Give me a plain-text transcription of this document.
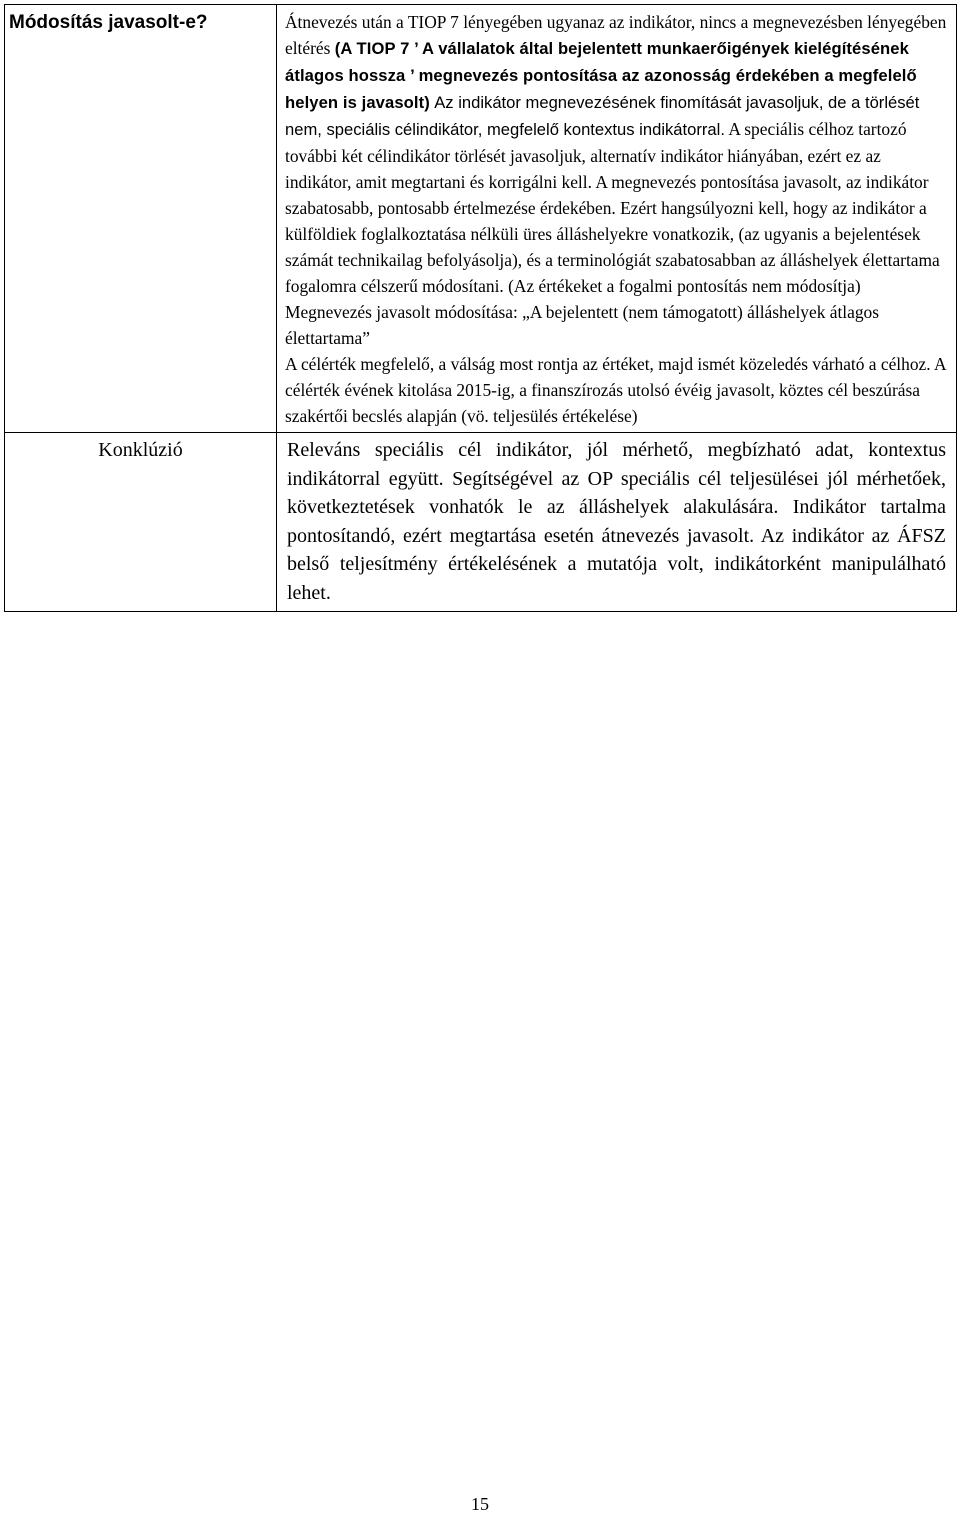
Módosítás javasolt-e?	Átnevezés után a TIOP 7 lényegében ugyanaz az indikátor, nincs a megnevezésben lényegében eltérés (A TIOP 7 ’ A vállalatok által bejelentett munkaerőigények kielégítésének átlagos hossza ’ megnevezés pontosítása az azonosság érdekében a megfelelő helyen is javasolt) Az indikátor megnevezésének finomítását javasoljuk, de a törlését nem, speciális célindikátor, megfelelő kontextus indikátorral. A speciális célhoz tartozó további két célindikátor törlését javasoljuk, alternatív indikátor hiányában, ezért ez az indikátor, amit megtartani és korrigálni kell. A megnevezés pontosítása javasolt, az indikátor szabatosabb, pontosabb értelmezése érdekében. Ezért hangsúlyozni kell, hogy az indikátor a külföldiek foglalkoztatása nélküli üres álláshelyekre vonatkozik, (az ugyanis a bejelentések számát technikailag befolyásolja), és a terminológiát szabatosabban az álláshelyek élettartama fogalomra célszerű módosítani. (Az értékeket a fogalmi pontosítás nem módosítja) Megnevezés javasolt módosítása: „A bejelentett (nem támogatott) álláshelyek átlagos élettartama”

A célérték megfelelő, a válság most rontja az értéket, majd ismét közeledés várható a célhoz. A célérték évének kitolása 2015-ig, a finanszírozás utolsó évéig javasolt, köztes cél beszúrása szakértői becslés alapján (vö. teljesülés értékelése)

Konklúzió	Releváns speciális cél indikátor, jól mérhető, megbízható adat, kontextus indikátorral együtt. Segítségével az OP speciális cél teljesülései jól mérhetőek, következtetések vonhatók le az álláshelyek alakulására. Indikátor tartalma pontosítandó, ezért megtartása esetén átnevezés javasolt. Az indikátor az ÁFSZ belső teljesítmény értékelésének a mutatója volt, indikátorként manipulálható lehet.
15
